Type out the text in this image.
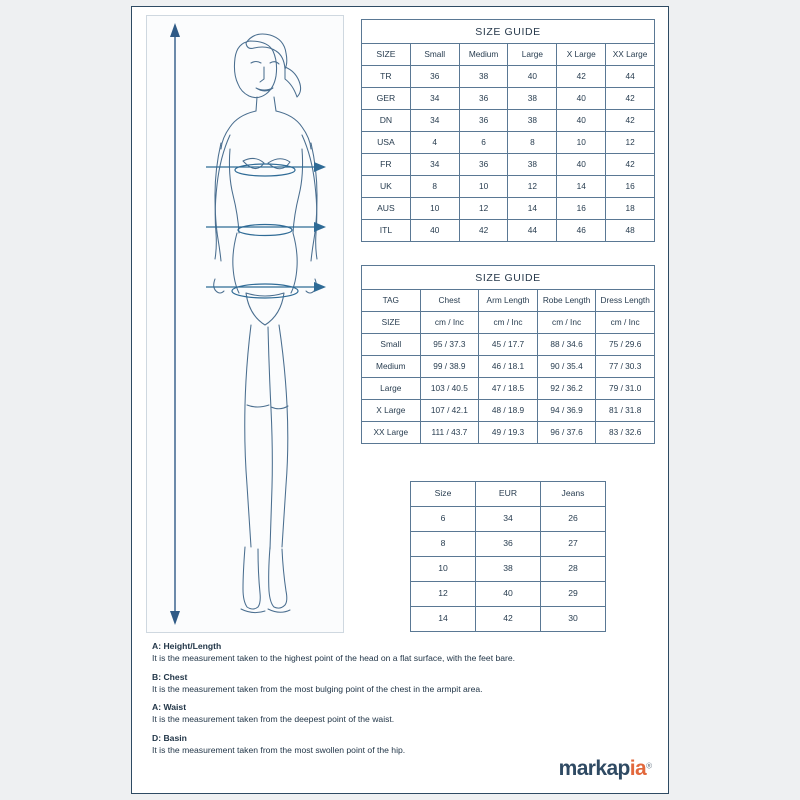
SIZE GUIDE
SIZE	Small	Medium	Large	X Large	XX Large
TR	36	38	40	42	44
GER	34	36	38	40	42
DN	34	36	38	40	42
USA	4	6	8	10	12
FR	34	36	38	40	42
UK	8	10	12	14	16
AUS	10	12	14	16	18
ITL	40	42	44	46	48
SIZE GUIDE
TAG	Chest	Arm Length	Robe Length	Dress Length
SIZE	cm / Inc	cm / Inc	cm / Inc	cm / Inc
Small	95 / 37.3	45 / 17.7	88 / 34.6	75 / 29.6
Medium	99 / 38.9	46 / 18.1	90 / 35.4	77 / 30.3
Large	103 / 40.5	47 / 18.5	92 / 36.2	79 / 31.0
X Large	107 / 42.1	48 / 18.9	94 / 36.9	81 / 31.8
XX Large	111 / 43.7	49 / 19.3	96 / 37.6	83 / 32.6
Size	EUR	Jeans
6	34	26
8	36	27
10	38	28
12	40	29
14	42	30
A: Height/Length
It is the measurement taken to the highest point of the head on a flat surface, with the feet bare.
B: Chest
It is the measurement taken from the most bulging point of the chest in the armpit area.
A: Waist
It is the measurement taken from the deepest point of the waist.
D: Basin
It is the measurement taken from the most swollen point of the hip.
markapia®
